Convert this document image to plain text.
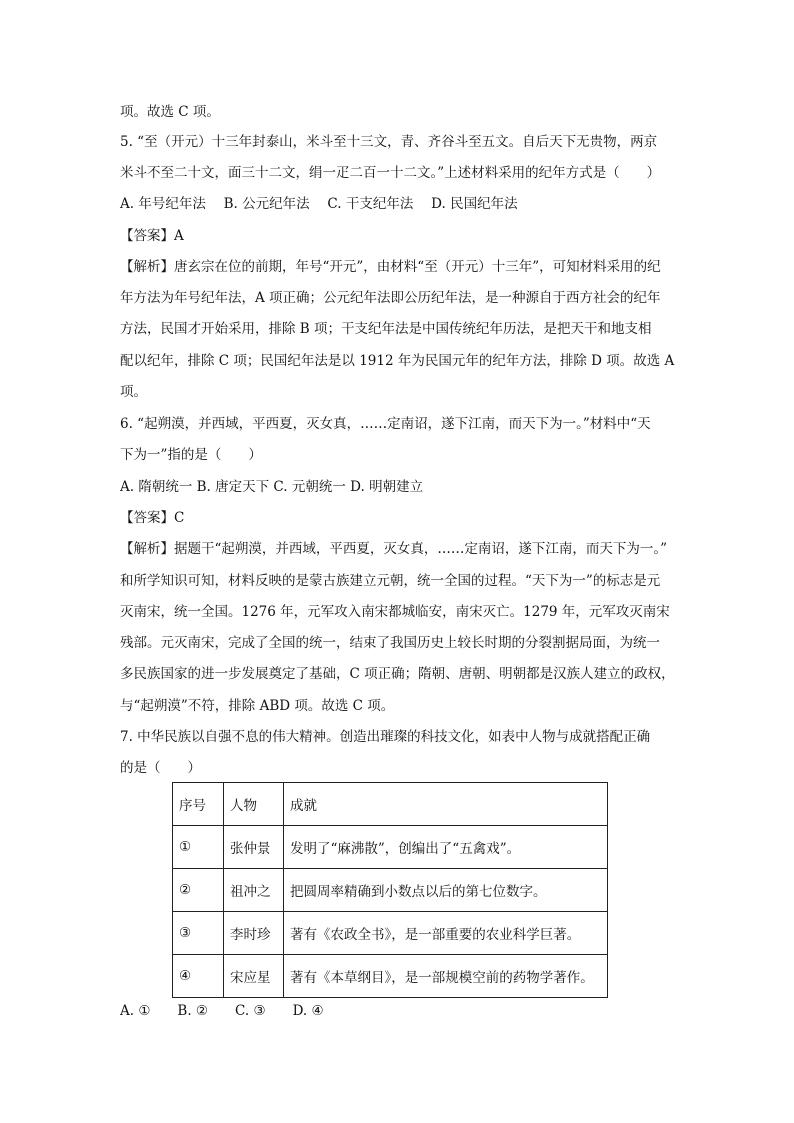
项。故选 C 项。
5. “至（开元）十三年封泰山，米斗至十三文，青、齐谷斗至五文。自后天下无贵物，两京
米斗不至二十文，面三十二文，绢一疋二百一十二文。”上述材料采用的纪年方式是（　　）
A. 年号纪年法　 B. 公元纪年法　 C. 干支纪年法　 D. 民国纪年法
【答案】A
【解析】唐玄宗在位的前期，年号“开元”，由材料“至（开元）十三年”，可知材料采用的纪
年方法为年号纪年法，A 项正确；公元纪年法即公历纪年法，是一种源自于西方社会的纪年
方法，民国才开始采用，排除 B 项；干支纪年法是中国传统纪年历法，是把天干和地支相
配以纪年，排除 C 项；民国纪年法是以 1912 年为民国元年的纪年方法，排除 D 项。故选 A
项。
6. “起朔漠，并西域，平西夏，灭女真，……定南诏，遂下江南，而天下为一。”材料中“天
下为一”指的是（　　）
A. 隋朝统一 B. 唐定天下 C. 元朝统一 D. 明朝建立
【答案】C
【解析】据题干“起朔漠，并西域，平西夏，灭女真，……定南诏，遂下江南，而天下为一。”
和所学知识可知，材料反映的是蒙古族建立元朝，统一全国的过程。“天下为一”的标志是元
灭南宋，统一全国。1276 年，元军攻入南宋都城临安，南宋灭亡。1279 年，元军攻灭南宋
残部。元灭南宋，完成了全国的统一，结束了我国历史上较长时期的分裂割据局面，为统一
多民族国家的进一步发展奠定了基础，C 项正确；隋朝、唐朝、明朝都是汉族人建立的政权，
与“起朔漠”不符，排除 ABD 项。故选 C 项。
7. 中华民族以自强不息的伟大精神。创造出璀璨的科技文化，如表中人物与成就搭配正确
的是（　　）
序号	人物	成就
①	张仲景	发明了“麻沸散”，创编出了“五禽戏”。
②	祖冲之	把圆周率精确到小数点以后的第七位数字。
③	李时珍	著有《农政全书》，是一部重要的农业科学巨著。
④	宋应星	著有《本草纲目》，是一部规模空前的药物学著作。
A. ①　　B. ②　　C. ③　　D. ④
